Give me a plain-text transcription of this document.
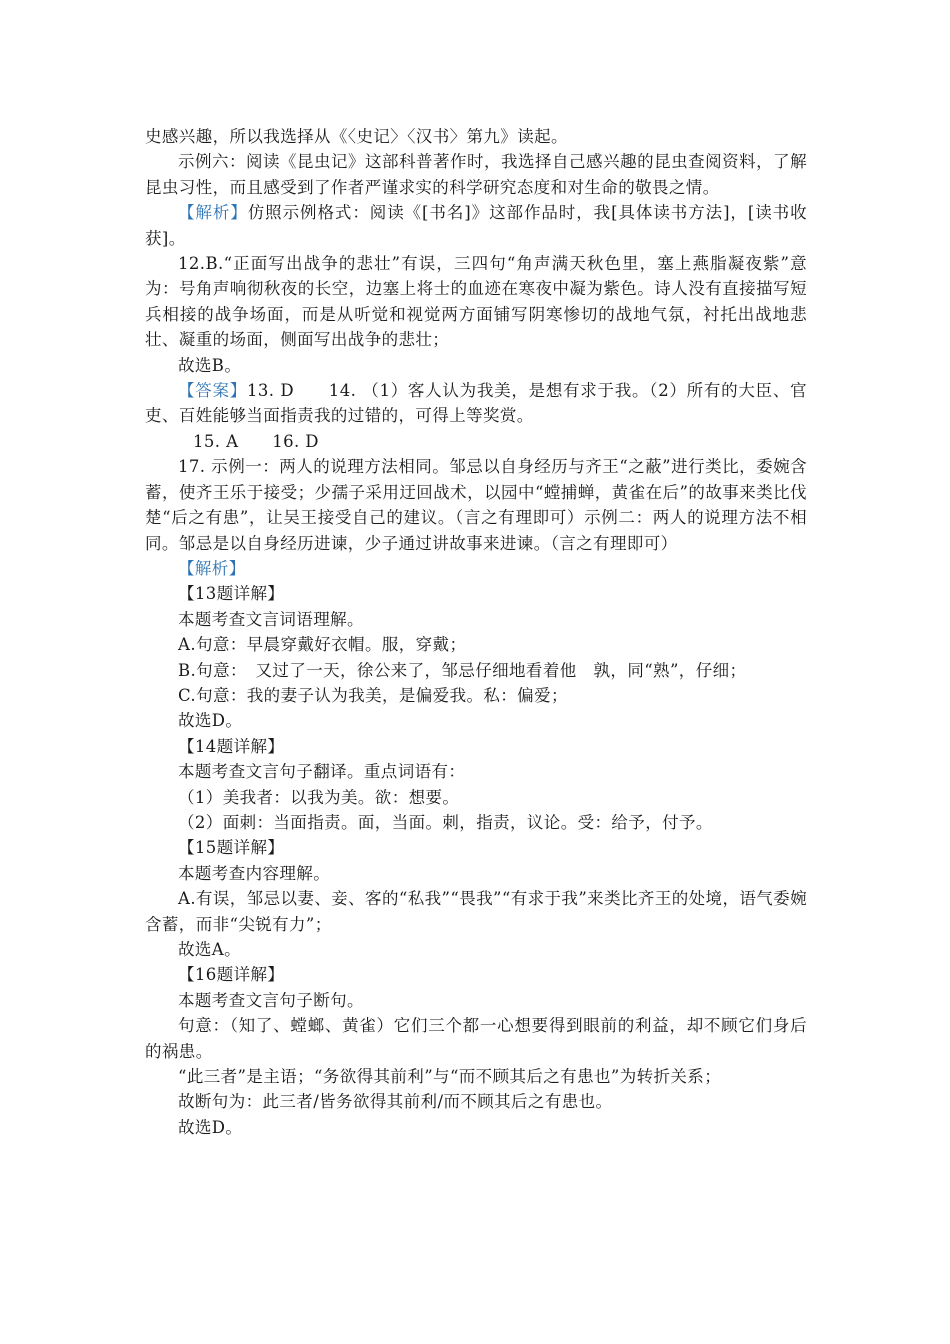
史感兴趣，所以我选择从《〈史记〉〈汉书〉第九》读起。

示例六：阅读《昆虫记》这部科普著作时，我选择自己感兴趣的昆虫查阅资料，了解昆虫习性，而且感受到了作者严谨求实的科学研究态度和对生命的敬畏之情。

【解析】仿照示例格式：阅读《[书名]》这部作品时，我[具体读书方法]，[读书收获]。

12.B.“正面写出战争的悲壮”有误，三四句“角声满天秋色里，塞上燕脂凝夜紫”意为：号角声响彻秋夜的长空，边塞上将士的血迹在寒夜中凝为紫色。诗人没有直接描写短兵相接的战争场面，而是从听觉和视觉两方面铺写阴寒惨切的战地气氛，衬托出战地悲壮、凝重的场面，侧面写出战争的悲壮；

故选B。

【答案】13. D　　14. （1）客人认为我美，是想有求于我。（2）所有的大臣、官吏、百姓能够当面指责我的过错的，可得上等奖赏。

15. A　　16. D

17. 示例一：两人的说理方法相同。邹忌以自身经历与齐王“之蔽”进行类比，委婉含蓄，使齐王乐于接受；少孺子采用迂回战术，以园中“螳捕蝉，黄雀在后”的故事来类比伐楚“后之有患”，让吴王接受自己的建议。（言之有理即可）示例二：两人的说理方法不相同。邹忌是以自身经历进谏，少子通过讲故事来进谏。（言之有理即可）

【解析】

【13题详解】

本题考查文言词语理解。

A.句意：早晨穿戴好衣帽。服，穿戴；

B.句意：　又过了一天，徐公来了，邹忌仔细地看着他　孰，同“熟”，仔细；

C.句意：我的妻子认为我美，是偏爱我。私：偏爱；

故选D。

【14题详解】

本题考查文言句子翻译。重点词语有：

（1）美我者：以我为美。欲：想要。

（2）面刺：当面指责。面，当面。刺，指责，议论。受：给予，付予。

【15题详解】

本题考查内容理解。

A.有误，邹忌以妻、妾、客的“私我”“畏我”“有求于我”来类比齐王的处境，语气委婉含蓄，而非“尖锐有力”；

故选A。

【16题详解】

本题考查文言句子断句。

句意：（知了、螳螂、黄雀）它们三个都一心想要得到眼前的利益，却不顾它们身后的祸患。

“此三者”是主语；“务欲得其前利”与“而不顾其后之有患也”为转折关系；

故断句为：此三者/皆务欲得其前利/而不顾其后之有患也。

故选D。
